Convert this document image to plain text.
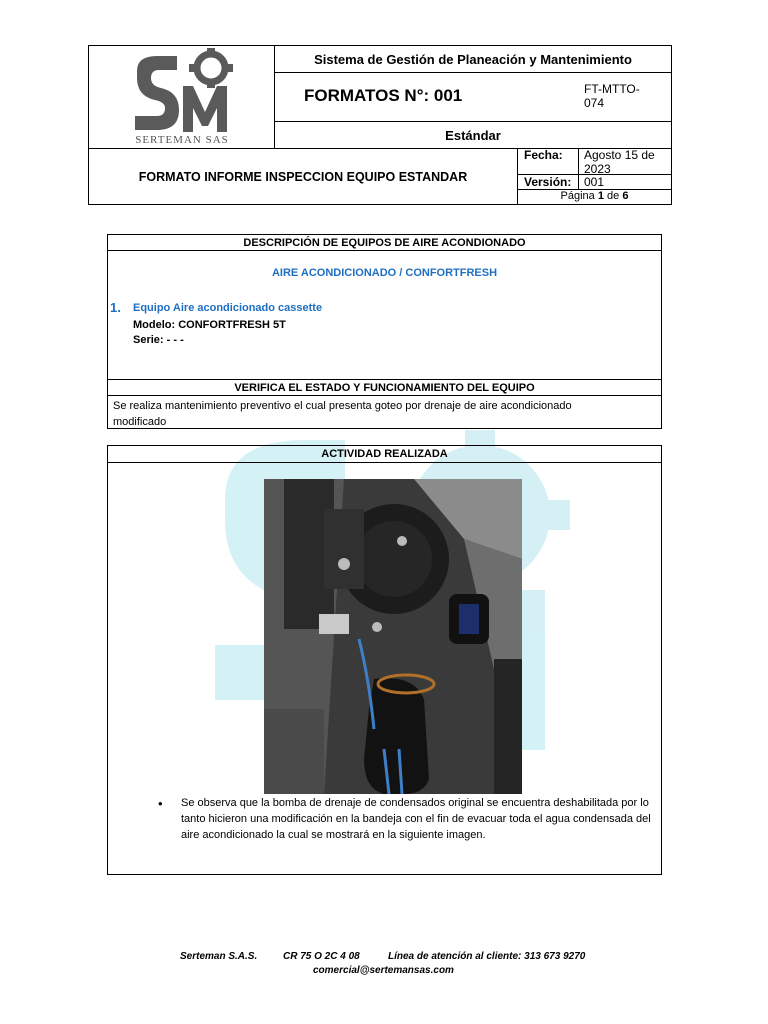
SERTEMAN SAS
Sistema de Gestión de Planeación y Mantenimiento
FORMATOS N°: 001	FT-MTTO-074
Estándar
FORMATO INFORME INSPECCION EQUIPO ESTANDAR
Fecha: Agosto 15 de 2023
Versión: 001
Página 1 de 6
DESCRIPCIÓN DE EQUIPOS DE AIRE ACONDIONADO
AIRE ACONDICIONADO / CONFORTFRESH
1. Equipo Aire acondicionado cassette
Modelo: CONFORTFRESH 5T
Serie: - - -
VERIFICA EL ESTADO Y FUNCIONAMIENTO DEL EQUIPO
Se realiza mantenimiento preventivo el cual presenta goteo por drenaje de aire acondicionado modificado
ACTIVIDAD REALIZADA
• Se observa que la bomba de drenaje de condensados original se encuentra deshabilitada por lo tanto hicieron una modificación en la bandeja con el fin de evacuar toda el agua condensada del aire acondicionado la cual se mostrará en la siguiente imagen.
Serteman S.A.S.	CR 75 O 2C 4 08	Línea de atención al cliente: 313 673 9270
comercial@sertemansas.com
